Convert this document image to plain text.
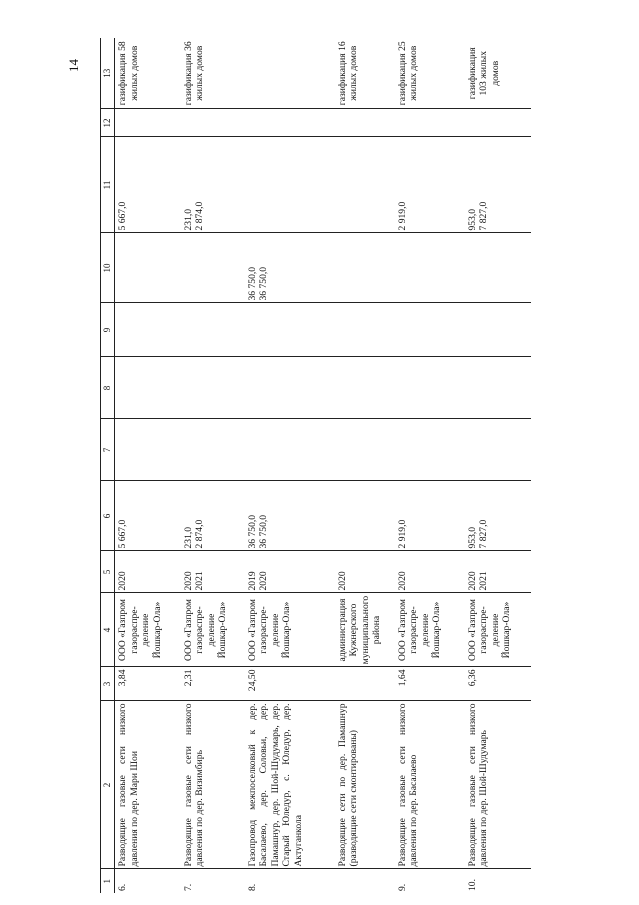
14
1	2	3	4	5	6	7	8	9	10	11	12	13
6.	Разводящие газовые сети низкого давления по дер. Мари Шои	3,84	ООО «Газпром газораспре-деление Йошкар-Ола»	2020	5 667,0					5 667,0		газификация 58 жилых домов
7.	Разводящие газовые сети низкого давления по дер. Визимбирь	2,31	ООО «Газпром газораспре-деление Йошкар-Ола»	2020 2021	231,0 2 874,0					231,0 2 874,0		газификация 36 жилых домов
8.	Газопровод межпоселковый к дер. Басалаево, дер. Соловьи, дер. Памашнур, дер. Шой-Шудумарь, дер. Старый Юледур, с. Юледур, дер. Актуганкола	24,50	ООО «Газпром газораспре-деление Йошкар-Ола»	2019 2020	36 750,0 36 750,0				36 750,0 36 750,0			

	Разводящие сети по дер. Памашнур (разводящие сети смонтированы)		администрация Кужнерского муниципального района	2020								газификация 16 жилых домов
9.	Разводящие газовые сети низкого давления по дер. Басалаево	1,64	ООО «Газпром газораспре-деление Йошкар-Ола»	2020	2 919,0					2 919,0		газификация 25 жилых домов
10.	Разводящие газовые сети низкого давления по дер. Шой-Шудумарь	6,36	ООО «Газпром газораспре-деление Йошкар-Ола»	2020 2021	953,0 7 827,0					953,0 7 827,0		газификация 103 жилых домов
